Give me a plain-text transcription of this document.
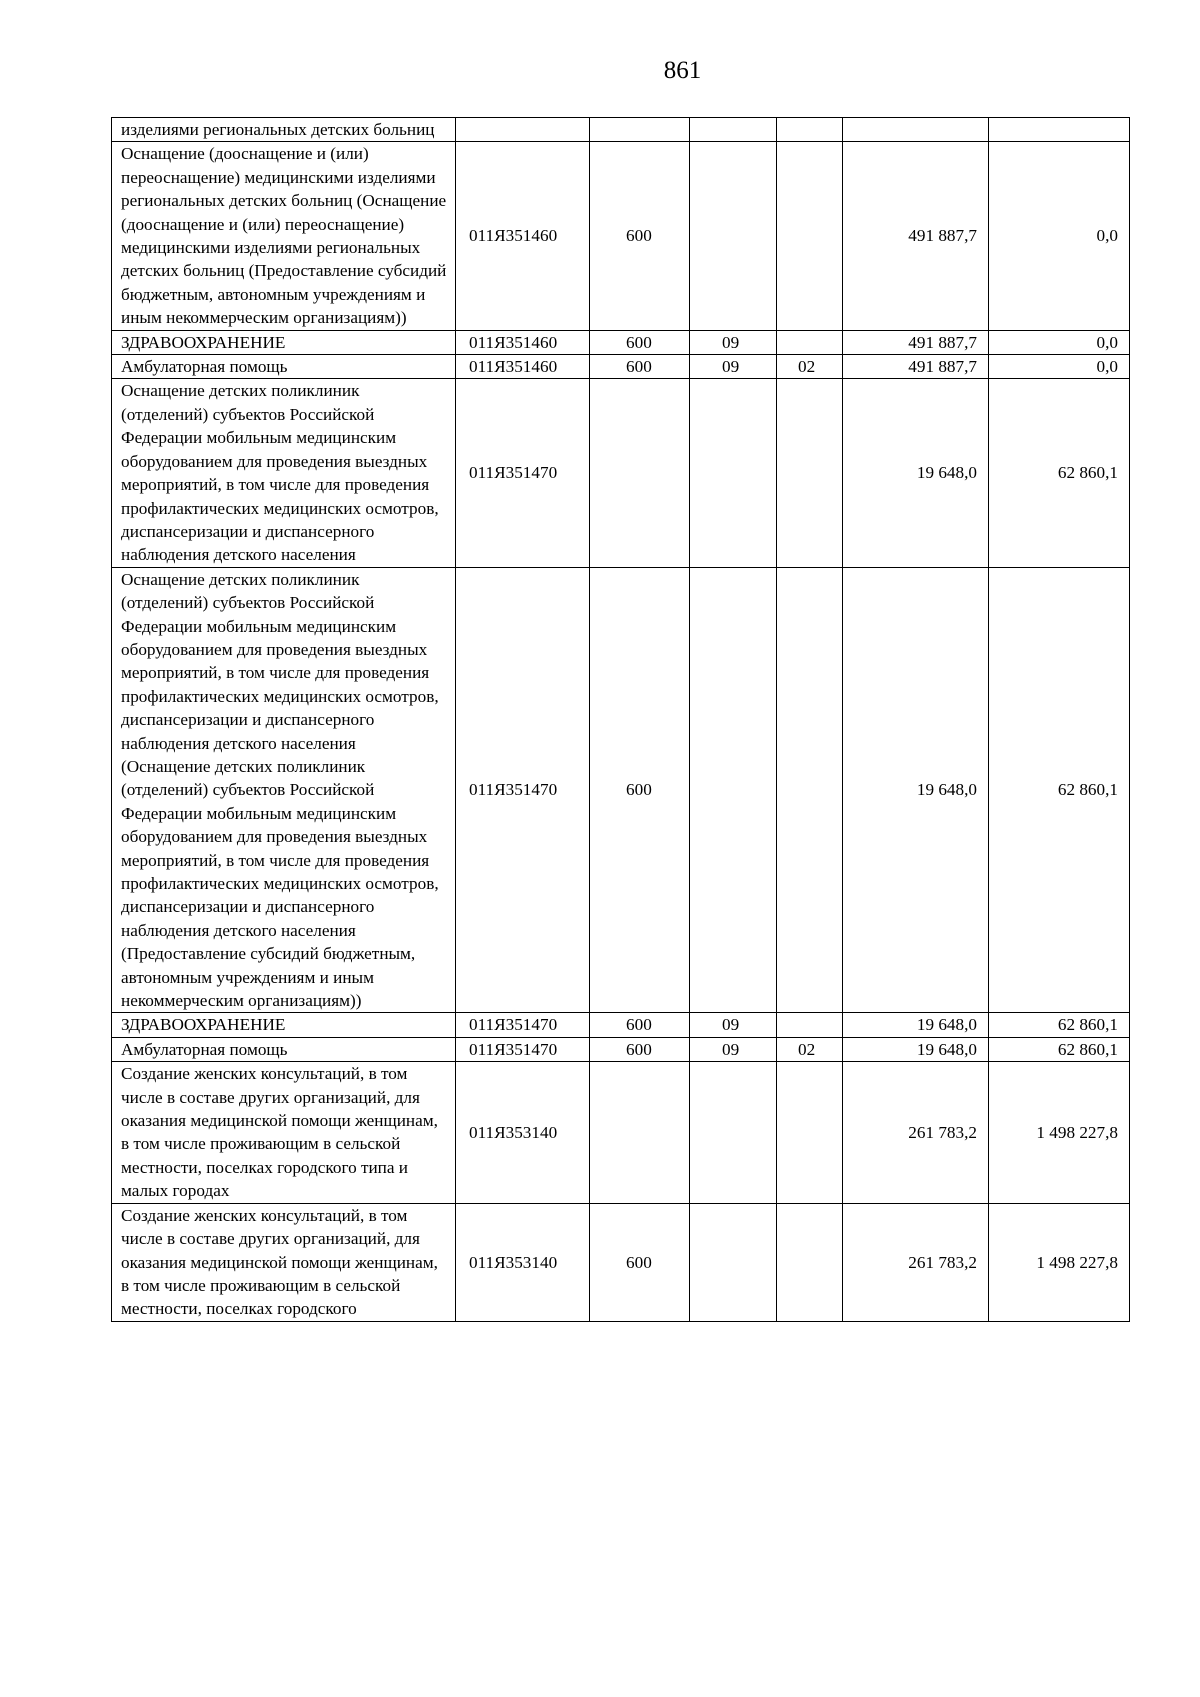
861
изделиями региональных детских больниц						
Оснащение (дооснащение и (или) переоснащение) медицинскими изделиями региональных детских больниц (Оснащение (дооснащение и (или) переоснащение) медицинскими изделиями региональных детских больниц (Предоставление субсидий бюджетным, автономным учреждениям и иным некоммерческим организациям))	011Я351460	600			491 887,7	0,0
ЗДРАВООХРАНЕНИЕ	011Я351460	600	09		491 887,7	0,0
Амбулаторная помощь	011Я351460	600	09	02	491 887,7	0,0
Оснащение детских поликлиник (отделений) субъектов Российской Федерации мобильным медицинским оборудованием для проведения выездных мероприятий, в том числе для проведения профилактических медицинских осмотров, диспансеризации и диспансерного наблюдения детского населения	011Я351470				19 648,0	62 860,1
Оснащение детских поликлиник (отделений) субъектов Российской Федерации мобильным медицинским оборудованием для проведения выездных мероприятий, в том числе для проведения профилактических медицинских осмотров, диспансеризации и диспансерного наблюдения детского населения (Оснащение детских поликлиник (отделений) субъектов Российской Федерации мобильным медицинским оборудованием для проведения выездных мероприятий, в том числе для проведения профилактических медицинских осмотров, диспансеризации и диспансерного наблюдения детского населения (Предоставление субсидий бюджетным, автономным учреждениям и иным некоммерческим организациям))	011Я351470	600			19 648,0	62 860,1
ЗДРАВООХРАНЕНИЕ	011Я351470	600	09		19 648,0	62 860,1
Амбулаторная помощь	011Я351470	600	09	02	19 648,0	62 860,1
Создание женских консультаций, в том числе в составе других организаций, для оказания медицинской помощи женщинам, в том числе проживающим в сельской местности, поселках городского типа и малых городах	011Я353140				261 783,2	1 498 227,8
Создание женских консультаций, в том числе в составе других организаций, для оказания медицинской помощи женщинам, в том числе проживающим в сельской местности, поселках городского	011Я353140	600			261 783,2	1 498 227,8
